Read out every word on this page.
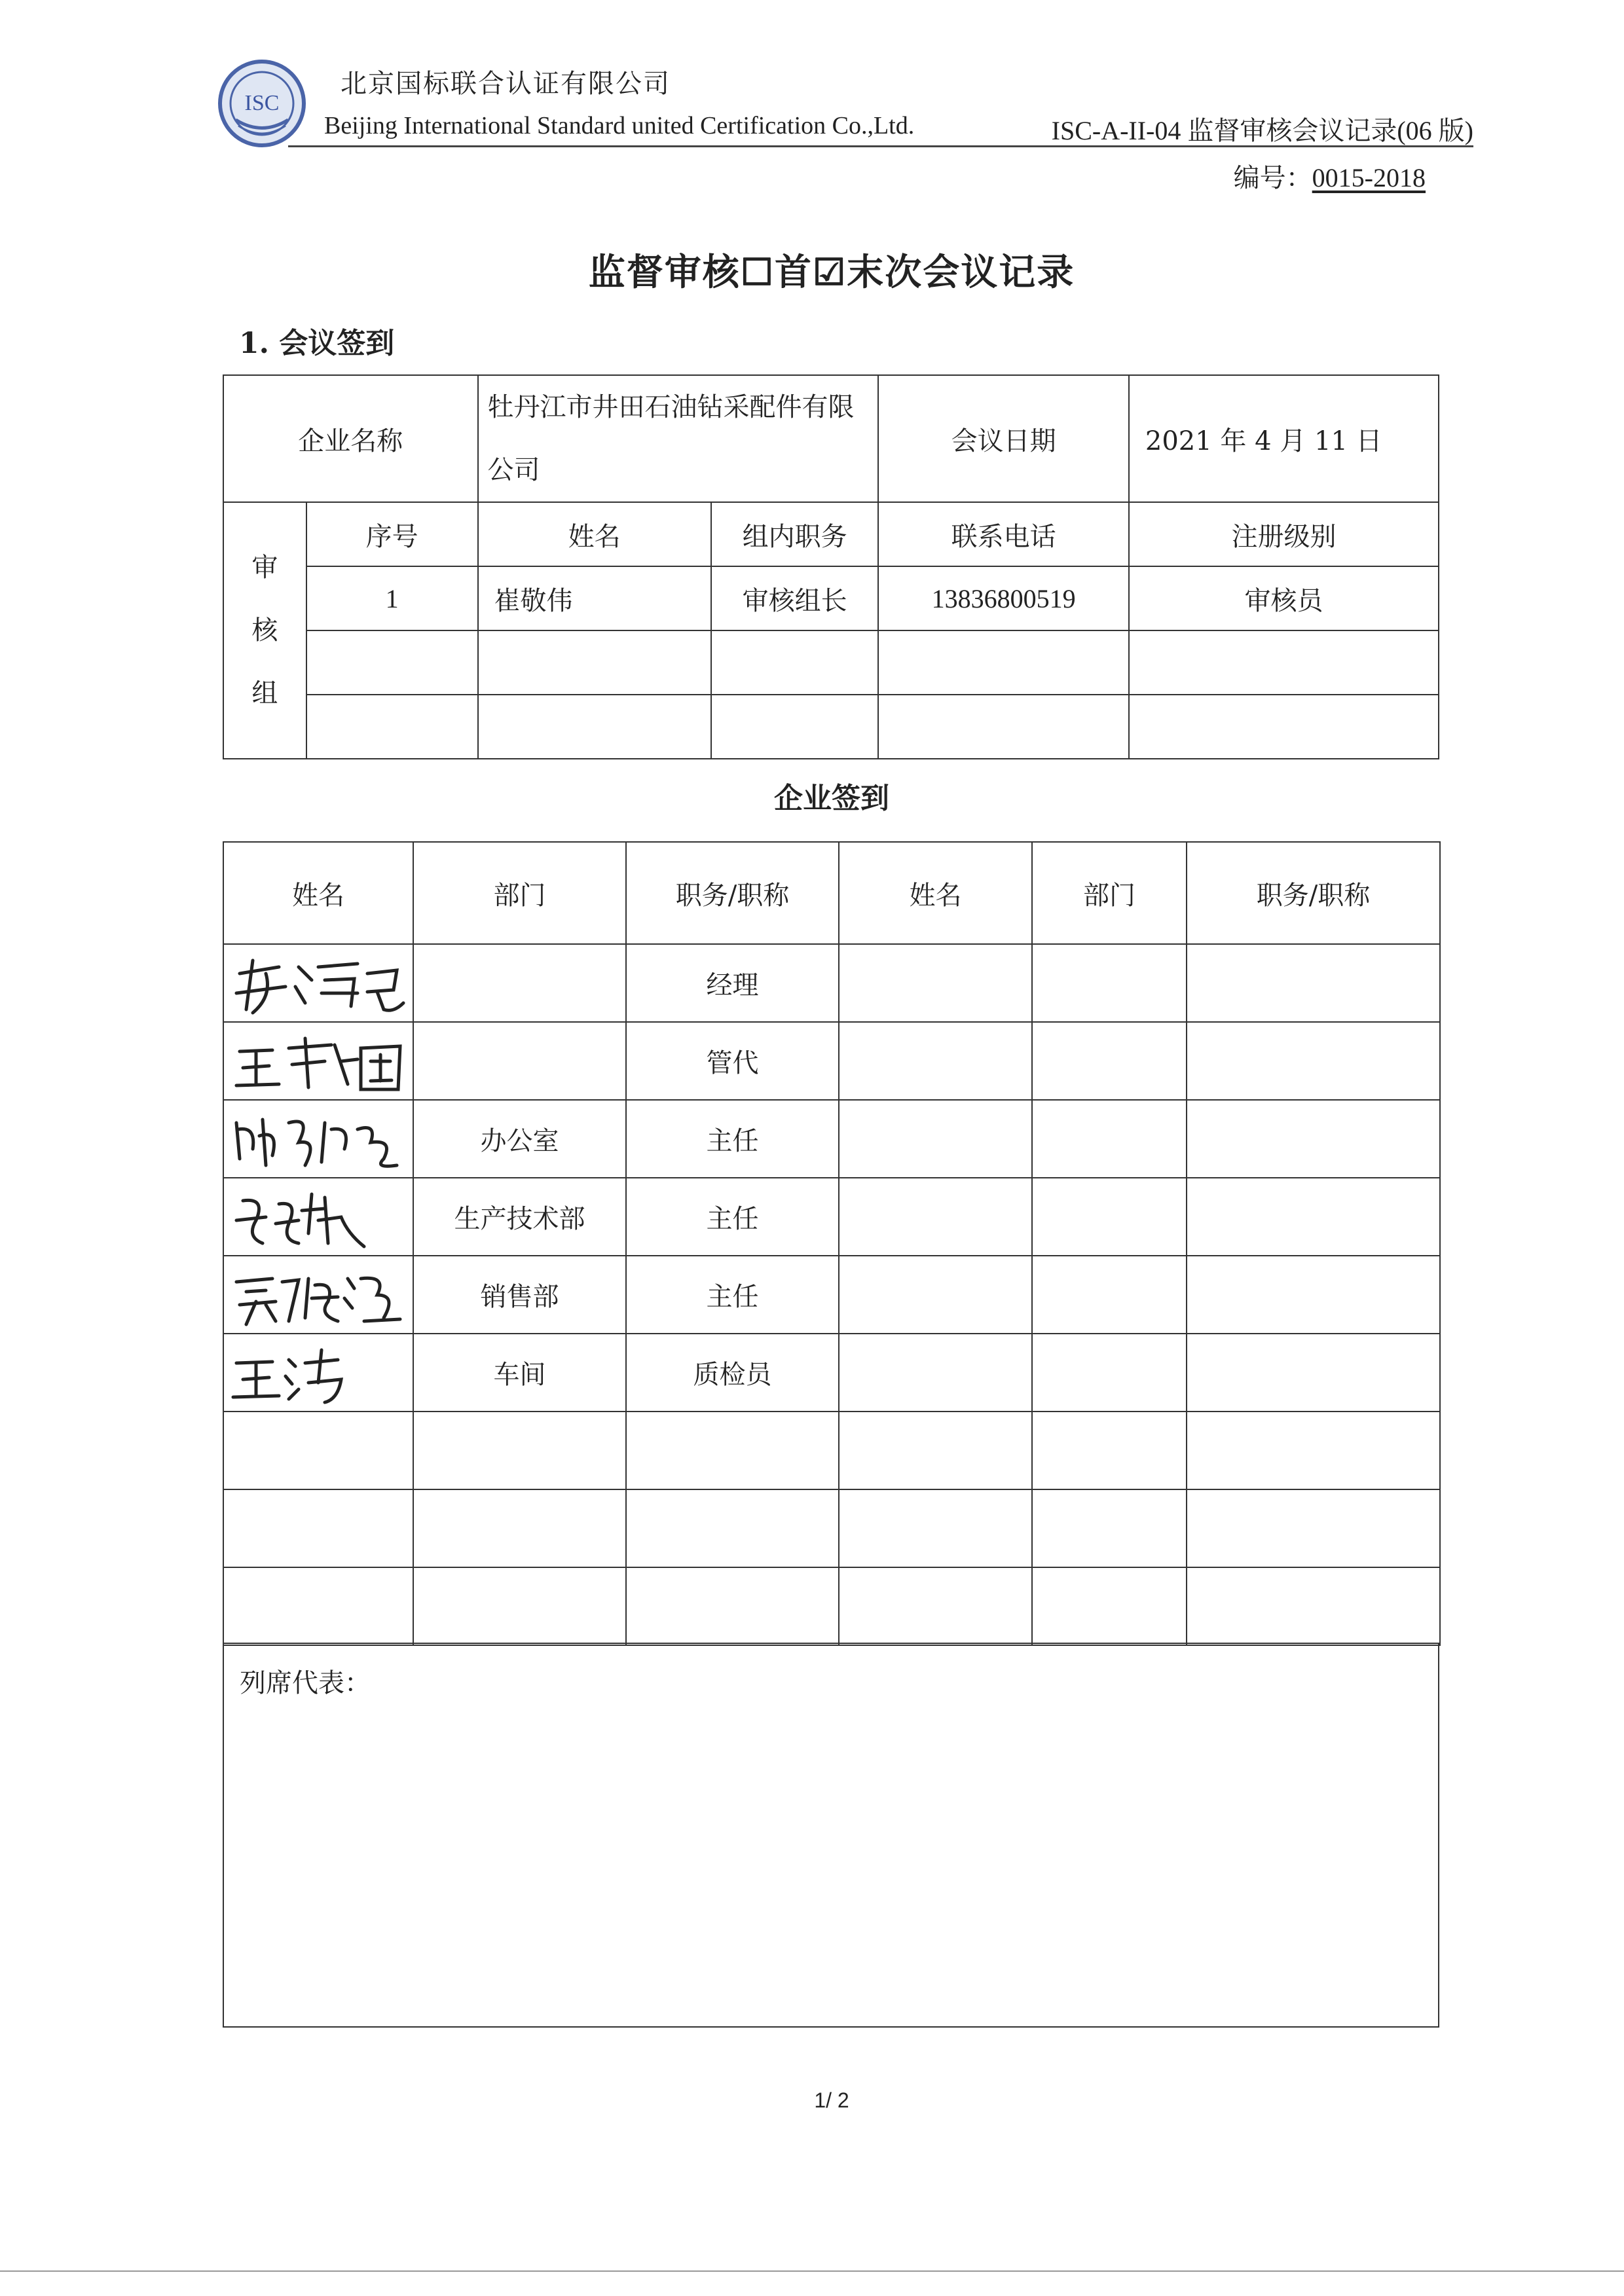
ISC
北京国标联合认证有限公司
Beijing International Standard united Certification Co.,Ltd.	ISC-A-II-04 监督审核会议记录(06 版)
编号：0015-2018
监督审核☐首☑末次会议记录
1. 会议签到
企业名称		牡丹江市井田石油钻采配件有限公司		会议日期	2021 年 4 月 11 日
审
核
组	序号	姓名	组内职务	联系电话	注册级别
	1	崔敬伟	审核组长	13836800519	审核员

企业签到
姓名	部门	职务/职称	姓名	部门	职务/职称

		经理			

		管代			

	办公室	主任			

	生产技术部	主任			

	销售部	主任			

	车间	质检员			

列席代表：
1/ 2
